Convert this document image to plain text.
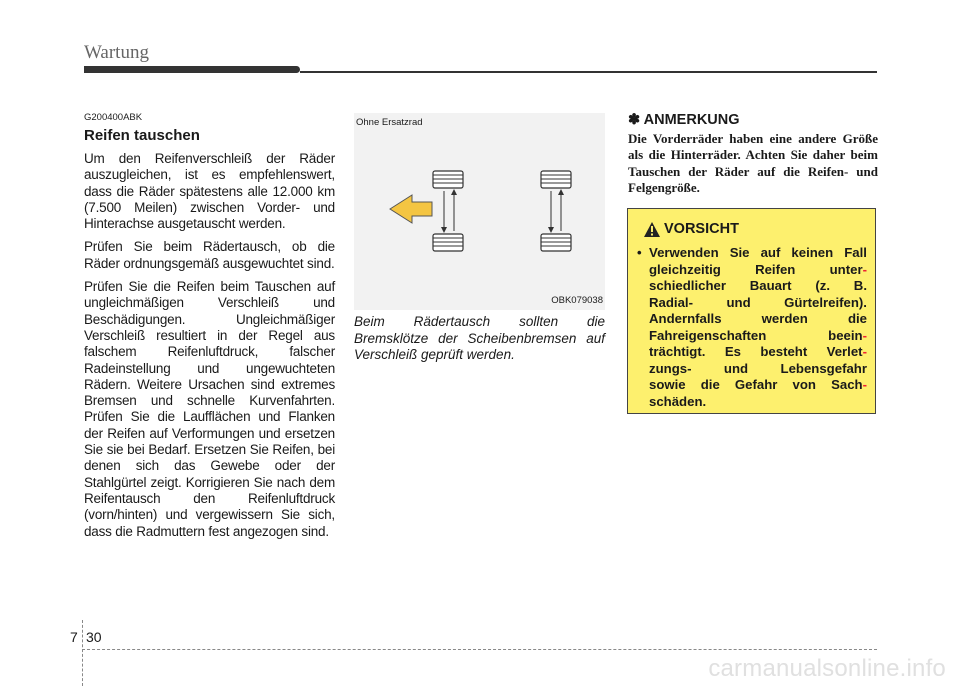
Wartung
G200400ABK
Reifen tauschen

Um den Reifenverschleiß der Räder auszugleichen, ist es empfehlenswert, dass die Räder spätestens alle 12.000 km (7.500 Meilen) zwischen Vorder- und Hinterachse ausgetauscht werden.

Prüfen Sie beim Rädertausch, ob die Räder ordnungsgemäß ausgewuchtet sind.

Prüfen Sie die Reifen beim Tauschen auf ungleichmäßigen Verschleiß und Beschädigungen. Ungleichmäßiger Verschleiß resultiert in der Regel aus falschem Reifenluftdruck, falscher Radeinstellung und ungewuchteten Rädern. Weitere Ursachen sind extremes Bremsen und schnelle Kurvenfahrten. Prüfen Sie die Laufflächen und Flanken der Reifen auf Verformungen und ersetzen Sie sie bei Bedarf. Ersetzen Sie Reifen, bei denen sich das Gewebe oder der Stahlgürtel zeigt. Korrigieren Sie nach dem Reifentausch den Reifenluftdruck (vorn/hinten) und vergewissern Sie sich, dass die Radmuttern fest angezogen sind.

Ohne Ersatzrad
OBK079038
Beim Rädertausch sollten die Bremsklötze der Scheibenbremsen auf Verschleiß geprüft werden.
✽ ANMERKUNG
Die Vorderräder haben eine andere Größe als die Hinterräder. Achten Sie daher beim Tauschen der Räder auf die Reifen- und Felgengröße.
VORSICHT
• Verwenden Sie auf keinen Fall
gleichzeitig	Reifen	unter-
schiedlicher Bauart (z. B.
Radial-	und	Gürtelreifen).
Andernfalls	werden	die
Fahreigenschaften	beein-
trächtigt. Es besteht Verlet-
zungs- und Lebensgefahr
sowie die Gefahr von Sach-
schäden.
7 30
carmanualsonline.info
